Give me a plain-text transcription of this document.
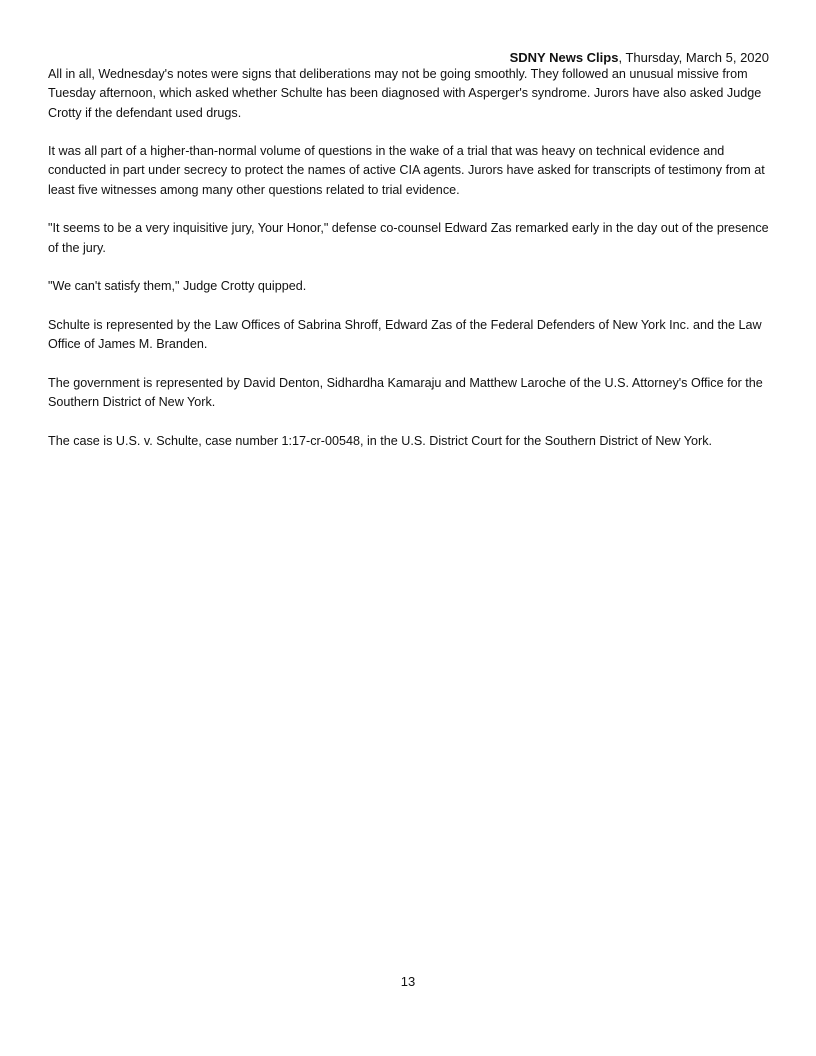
SDNY News Clips, Thursday, March 5, 2020

All in all, Wednesday's notes were signs that deliberations may not be going smoothly. They followed an unusual missive from Tuesday afternoon, which asked whether Schulte has been diagnosed with Asperger's syndrome. Jurors have also asked Judge Crotty if the defendant used drugs.

It was all part of a higher-than-normal volume of questions in the wake of a trial that was heavy on technical evidence and conducted in part under secrecy to protect the names of active CIA agents. Jurors have asked for transcripts of testimony from at least five witnesses among many other questions related to trial evidence.

"It seems to be a very inquisitive jury, Your Honor," defense co-counsel Edward Zas remarked early in the day out of the presence of the jury.

"We can't satisfy them," Judge Crotty quipped.

Schulte is represented by the Law Offices of Sabrina Shroff, Edward Zas of the Federal Defenders of New York Inc. and the Law Office of James M. Branden.

The government is represented by David Denton, Sidhardha Kamaraju and Matthew Laroche of the U.S. Attorney's Office for the Southern District of New York.

The case is U.S. v. Schulte, case number 1:17-cr-00548, in the U.S. District Court for the Southern District of New York.

13
